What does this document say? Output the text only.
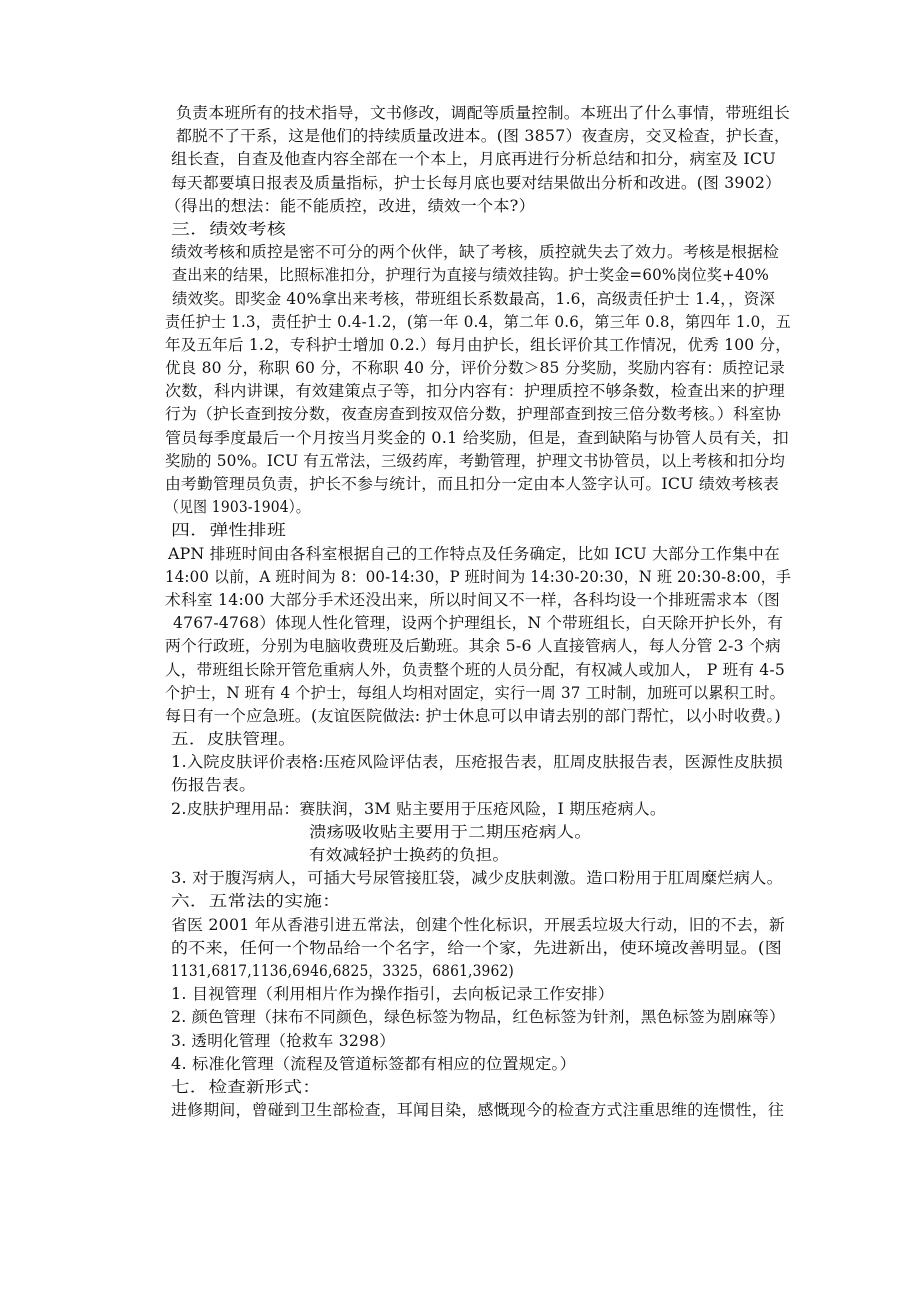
负责本班所有的技术指导，文书修改，调配等质量控制。本班出了什么事情，带班组长
都脱不了干系，这是他们的持续质量改进本。(图 3857）夜查房，交叉检查，护长查，
组长查，自查及他查内容全部在一个本上，月底再进行分析总结和扣分，病室及 ICU
每天都要填日报表及质量指标，护士长每月底也要对结果做出分析和改进。(图 3902）
（得出的想法：能不能质控，改进，绩效一个本?）
三．绩效考核
绩效考核和质控是密不可分的两个伙伴，缺了考核，质控就失去了效力。考核是根据检
查出来的结果，比照标准扣分，护理行为直接与绩效挂钩。护士奖金=60%岗位奖+40%
绩效奖。即奖金 40%拿出来考核，带班组长系数最高，1.6，高级责任护士 1.4，，资深
责任护士 1.3，责任护士 0.4-1.2，(第一年 0.4，第二年 0.6，第三年 0.8，第四年 1.0，五
年及五年后 1.2，专科护士增加 0.2.）每月由护长，组长评价其工作情况，优秀 100 分，
优良 80 分，称职 60 分，不称职 40 分，评价分数＞85 分奖励，奖励内容有：质控记录
次数，科内讲课，有效建策点子等，扣分内容有：护理质控不够条数，检查出来的护理
行为（护长查到按分数，夜查房查到按双倍分数，护理部查到按三倍分数考核。）科室协
管员每季度最后一个月按当月奖金的 0.1 给奖励，但是，查到缺陷与协管人员有关，扣
奖励的 50%。ICU 有五常法，三级药库，考勤管理，护理文书协管员，以上考核和扣分均
由考勤管理员负责，护长不参与统计，而且扣分一定由本人签字认可。ICU 绩效考核表
（见图 1903-1904）。
四．弹性排班
APN 排班时间由各科室根据自己的工作特点及任务确定，比如 ICU 大部分工作集中在
14:00 以前，A 班时间为 8：00-14:30，P 班时间为 14:30-20:30，N 班 20:30-8:00，手
术科室 14:00 大部分手术还没出来，所以时间又不一样，各科均设一个排班需求本（图
4767-4768）体现人性化管理，设两个护理组长，N 个带班组长，白天除开护长外，有
两个行政班，分别为电脑收费班及后勤班。其余 5-6 人直接管病人，每人分管 2-3 个病
人，带班组长除开管危重病人外，负责整个班的人员分配，有权减人或加人， P 班有 4-5
个护士，N 班有 4 个护士，每组人均相对固定，实行一周 37 工时制，加班可以累积工时。
每日有一个应急班。(友谊医院做法: 护士休息可以申请去别的部门帮忙，以小时收费。)
五．皮肤管理。
1.入院皮肤评价表格:压疮风险评估表，压疮报告表，肛周皮肤报告表，医源性皮肤损
伤报告表。
2.皮肤护理用品：赛肤润，3M 贴主要用于压疮风险，I 期压疮病人。
溃疡吸收贴主要用于二期压疮病人。
有效减轻护士换药的负担。
3. 对于腹泻病人，可插大号尿管接肛袋，减少皮肤刺激。造口粉用于肛周糜烂病人。
六．五常法的实施：
省医 2001 年从香港引进五常法，创建个性化标识，开展丢垃圾大行动，旧的不去，新
的不来，任何一个物品给一个名字，给一个家，先进新出，使环境改善明显。(图
1131,6817,1136,6946,6825，3325，6861,3962)
1. 目视管理（利用相片作为操作指引，去向板记录工作安排）
2. 颜色管理（抹布不同颜色，绿色标签为物品，红色标签为针剂，黑色标签为剧麻等）
3. 透明化管理（抢救车 3298）
4. 标准化管理（流程及管道标签都有相应的位置规定。）
七．检查新形式：
进修期间，曾碰到卫生部检查，耳闻目染，感慨现今的检查方式注重思维的连惯性，往
